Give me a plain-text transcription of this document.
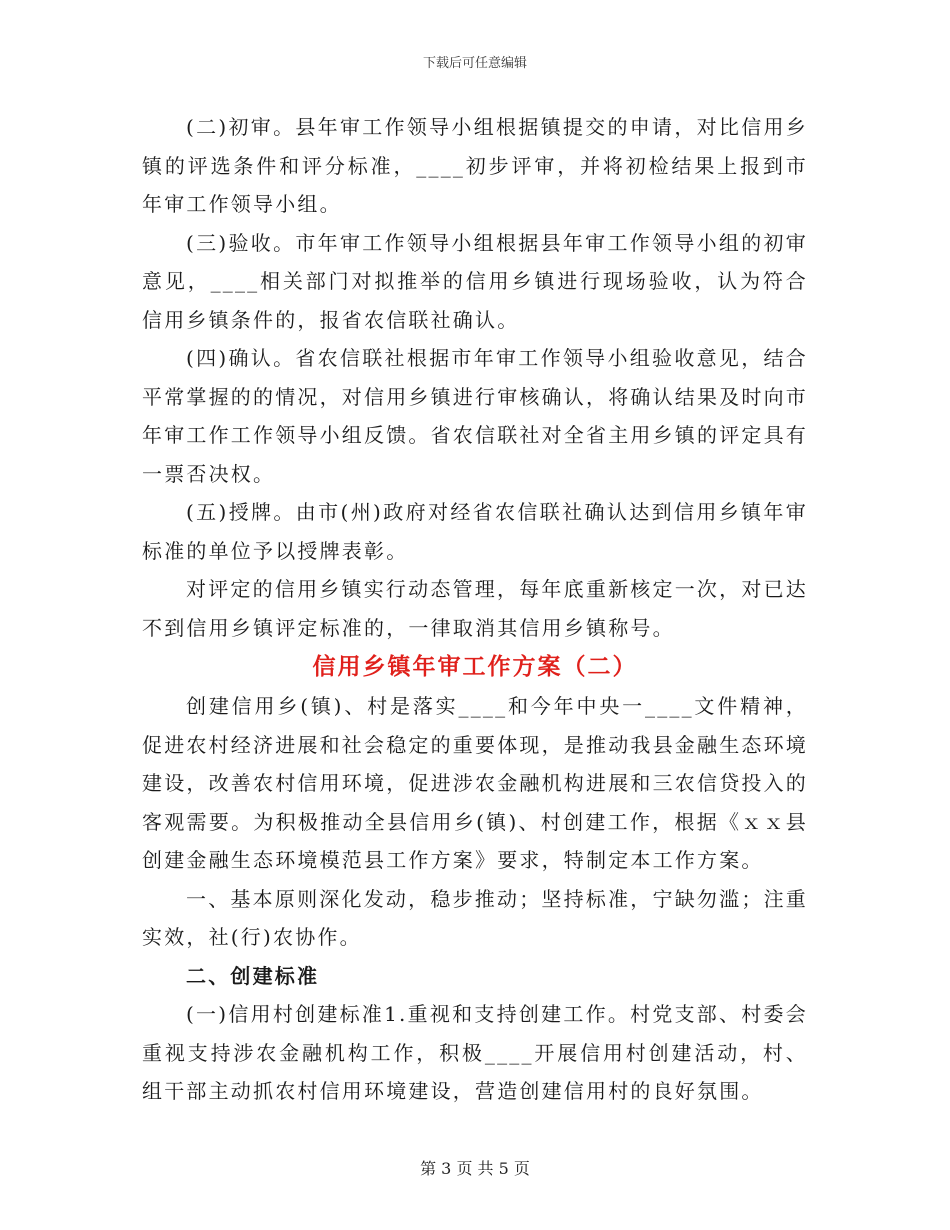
下载后可任意编辑

(二)初审。县年审工作领导小组根据镇提交的申请，对比信用乡镇的评选条件和评分标准，____初步评审，并将初检结果上报到市年审工作领导小组。

(三)验收。市年审工作领导小组根据县年审工作领导小组的初审意见，____相关部门对拟推举的信用乡镇进行现场验收，认为符合信用乡镇条件的，报省农信联社确认。

(四)确认。省农信联社根据市年审工作领导小组验收意见，结合平常掌握的的情况，对信用乡镇进行审核确认，将确认结果及时向市年审工作工作领导小组反馈。省农信联社对全省主用乡镇的评定具有一票否决权。

(五)授牌。由市(州)政府对经省农信联社确认达到信用乡镇年审标准的单位予以授牌表彰。

对评定的信用乡镇实行动态管理，每年底重新核定一次，对已达不到信用乡镇评定标准的，一律取消其信用乡镇称号。

信用乡镇年审工作方案（二）

创建信用乡(镇)、村是落实____和今年中央一____文件精神，促进农村经济进展和社会稳定的重要体现，是推动我县金融生态环境建设，改善农村信用环境，促进涉农金融机构进展和三农信贷投入的客观需要。为积极推动全县信用乡(镇)、村创建工作，根据《ｘｘ县创建金融生态环境模范县工作方案》要求，特制定本工作方案。

一、基本原则深化发动，稳步推动；坚持标准，宁缺勿滥；注重实效，社(行)农协作。

二、创建标准

(一)信用村创建标准1.重视和支持创建工作。村党支部、村委会重视支持涉农金融机构工作，积极____开展信用村创建活动，村、组干部主动抓农村信用环境建设，营造创建信用村的良好氛围。

第 3 页 共 5 页
